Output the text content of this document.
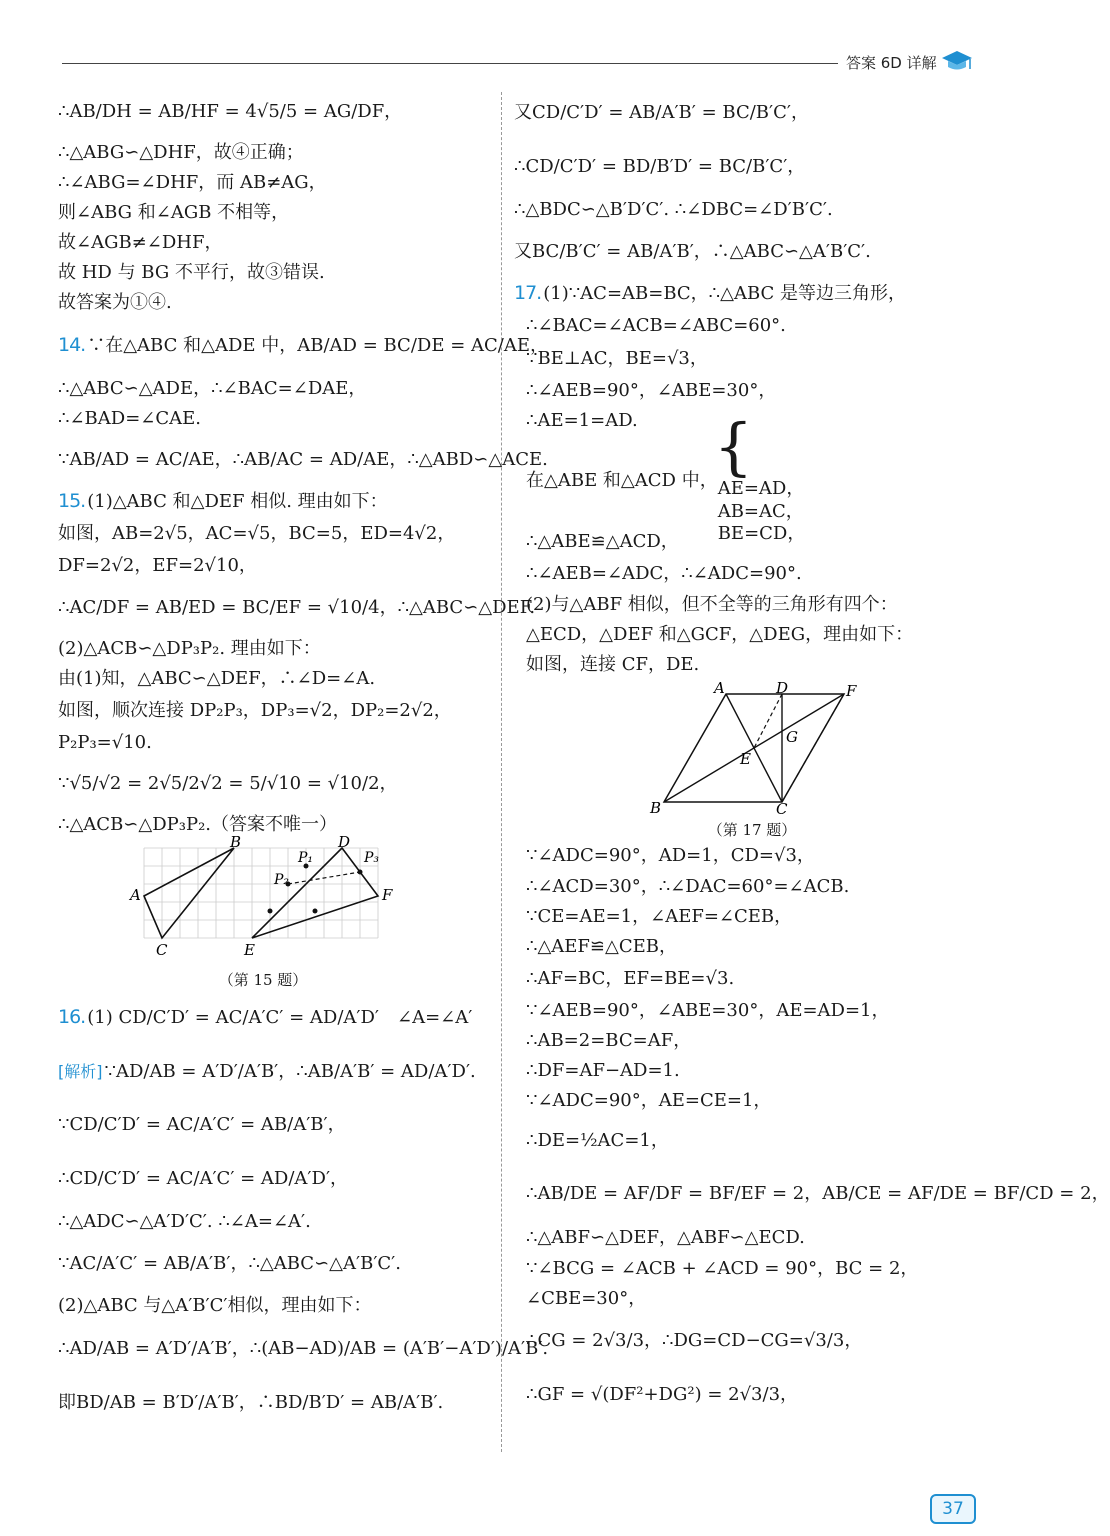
答案 6D 详解
∴AB/DH = AB/HF = 4√5/5 = AG/DF，
∴△ABG∽△DHF，故④正确；
∴∠ABG=∠DHF，而 AB≠AG，
则∠ABG 和∠AGB 不相等，
故∠AGB≠∠DHF，
故 HD 与 BG 不平行，故③错误.
故答案为①④.
14. ∵在△ABC 和△ADE 中，AB/AD = BC/DE = AC/AE，
∴△ABC∽△ADE，∴∠BAC=∠DAE，
∴∠BAD=∠CAE.
∵AB/AD = AC/AE，∴AB/AC = AD/AE，∴△ABD∽△ACE.
15. (1)△ABC 和△DEF 相似. 理由如下：
如图，AB=2√5，AC=√5，BC=5，ED=4√2，
DF=2√2，EF=2√10，
∴AC/DF = AB/ED = BC/EF = √10/4，∴△ABC∽△DEF.
(2)△ACB∽△DP₃P₂. 理由如下：
由(1)知，△ABC∽△DEF，∴∠D=∠A.
如图，顺次连接 DP₂P₃，DP₃=√2，DP₂=2√2，
P₂P₃=√10.
∵√5/√2 = 2√5/2√2 = 5/√10 = √10/2，
∴△ACB∽△DP₃P₂.（答案不唯一）
A
B
C
D
E
F
P₁
P₂
P₃
（第 15 题）
16. (1) CD/C′D′ = AC/A′C′ = AD/A′D′　∠A=∠A′
[解析] ∵AD/AB = A′D′/A′B′，∴AB/A′B′ = AD/A′D′.
∵CD/C′D′ = AC/A′C′ = AB/A′B′，
∴CD/C′D′ = AC/A′C′ = AD/A′D′，
∴△ADC∽△A′D′C′. ∴∠A=∠A′.
∵AC/A′C′ = AB/A′B′，∴△ABC∽△A′B′C′.
(2)△ABC 与△A′B′C′相似，理由如下：
∴AD/AB = A′D′/A′B′，∴(AB−AD)/AB = (A′B′−A′D′)/A′B′.
即BD/AB = B′D′/A′B′，∴BD/B′D′ = AB/A′B′.
又CD/C′D′ = AB/A′B′ = BC/B′C′，
∴CD/C′D′ = BD/B′D′ = BC/B′C′，
∴△BDC∽△B′D′C′. ∴∠DBC=∠D′B′C′.
又BC/B′C′ = AB/A′B′，∴△ABC∽△A′B′C′.
17. (1)∵AC=AB=BC，∴△ABC 是等边三角形，
∴∠BAC=∠ACB=∠ABC=60°.
∵BE⊥AC，BE=√3，
∴∠AEB=90°，∠ABE=30°，
∴AE=1=AD.
在△ABE 和△ACD 中，
{
AE=AD，
AB=AC，
BE=CD，
∴△ABE≌△ACD，
∴∠AEB=∠ADC，∴∠ADC=90°.
(2)与△ABF 相似，但不全等的三角形有四个：
△ECD，△DEF 和△GCF，△DEG，理由如下：
如图，连接 CF，DE.
A
B	C
D
E
F
G
（第 17 题）
∵∠ADC=90°，AD=1，CD=√3，
∴∠ACD=30°，∴∠DAC=60°=∠ACB.
∵CE=AE=1，∠AEF=∠CEB，
∴△AEF≌△CEB，
∴AF=BC，EF=BE=√3.
∵∠AEB=90°，∠ABE=30°，AE=AD=1，
∴AB=2=BC=AF，
∴DF=AF−AD=1.
∵∠ADC=90°，AE=CE=1，
∴DE=½AC=1，
∴AB/DE = AF/DF = BF/EF = 2，AB/CE = AF/DE = BF/CD = 2，
∴△ABF∽△DEF，△ABF∽△ECD.
∵∠BCG = ∠ACB + ∠ACD = 90°，BC = 2，
∠CBE=30°，
∴CG = 2√3/3，∴DG=CD−CG=√3/3，
∴GF = √(DF²+DG²) = 2√3/3，
37
